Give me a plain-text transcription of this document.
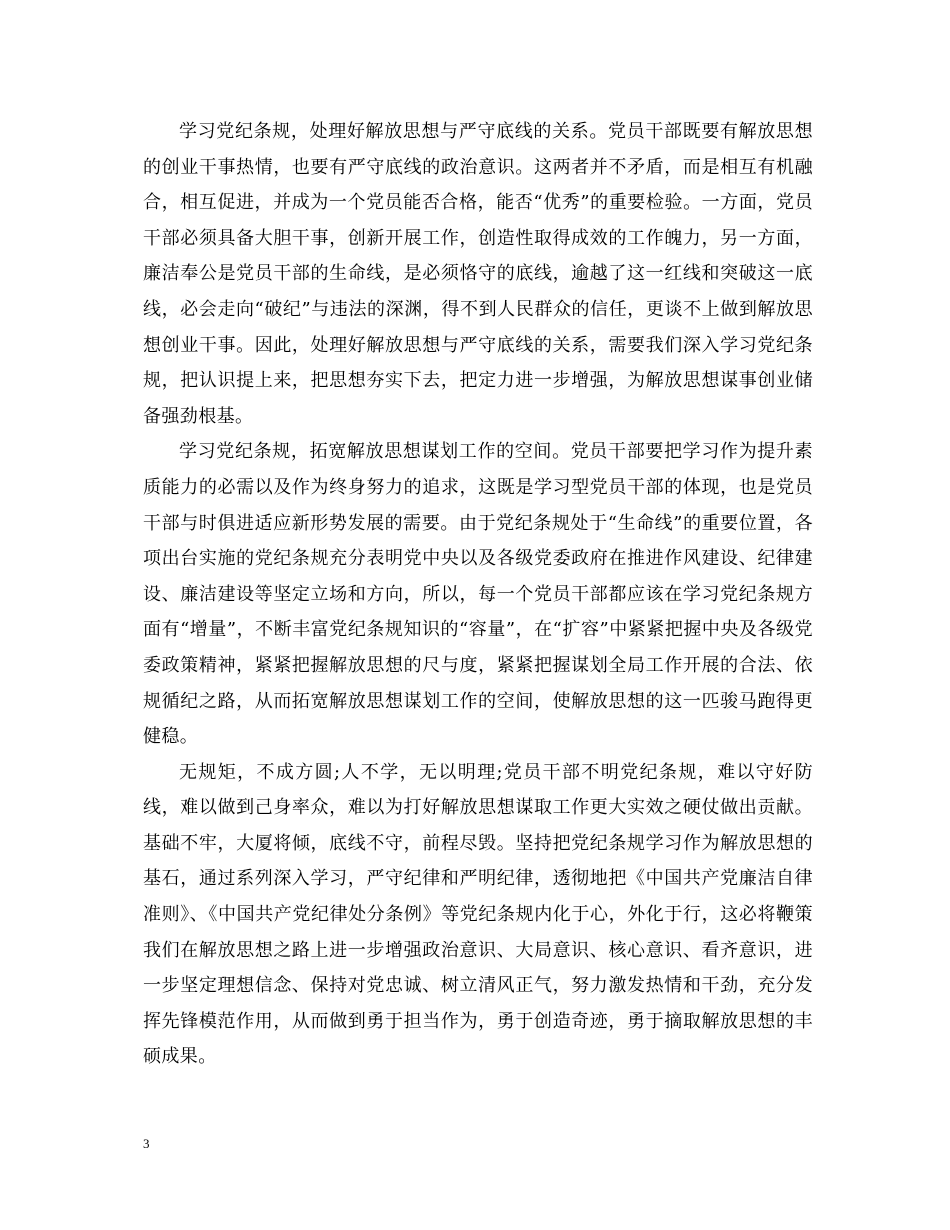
学习党纪条规，处理好解放思想与严守底线的关系。党员干部既要有解放思想的创业干事热情，也要有严守底线的政治意识。这两者并不矛盾，而是相互有机融合，相互促进，并成为一个党员能否合格，能否“优秀”的重要检验。一方面，党员干部必须具备大胆干事，创新开展工作，创造性取得成效的工作魄力，另一方面，廉洁奉公是党员干部的生命线，是必须恪守的底线，逾越了这一红线和突破这一底线，必会走向“破纪”与违法的深渊，得不到人民群众的信任，更谈不上做到解放思想创业干事。因此，处理好解放思想与严守底线的关系，需要我们深入学习党纪条规，把认识提上来，把思想夯实下去，把定力进一步增强，为解放思想谋事创业储备强劲根基。

学习党纪条规，拓宽解放思想谋划工作的空间。党员干部要把学习作为提升素质能力的必需以及作为终身努力的追求，这既是学习型党员干部的体现，也是党员干部与时俱进适应新形势发展的需要。由于党纪条规处于“生命线”的重要位置，各项出台实施的党纪条规充分表明党中央以及各级党委政府在推进作风建设、纪律建设、廉洁建设等坚定立场和方向，所以，每一个党员干部都应该在学习党纪条规方面有“增量”，不断丰富党纪条规知识的“容量”，在“扩容”中紧紧把握中央及各级党委政策精神，紧紧把握解放思想的尺与度，紧紧把握谋划全局工作开展的合法、依规循纪之路，从而拓宽解放思想谋划工作的空间，使解放思想的这一匹骏马跑得更健稳。

无规矩，不成方圆;人不学，无以明理;党员干部不明党纪条规，难以守好防线，难以做到己身率众，难以为打好解放思想谋取工作更大实效之硬仗做出贡献。基础不牢，大厦将倾，底线不守，前程尽毁。坚持把党纪条规学习作为解放思想的基石，通过系列深入学习，严守纪律和严明纪律，透彻地把《中国共产党廉洁自律准则》、《中国共产党纪律处分条例》等党纪条规内化于心，外化于行，这必将鞭策我们在解放思想之路上进一步增强政治意识、大局意识、核心意识、看齐意识，进一步坚定理想信念、保持对党忠诚、树立清风正气，努力激发热情和干劲，充分发挥先锋模范作用，从而做到勇于担当作为，勇于创造奇迹，勇于摘取解放思想的丰硕成果。

3
